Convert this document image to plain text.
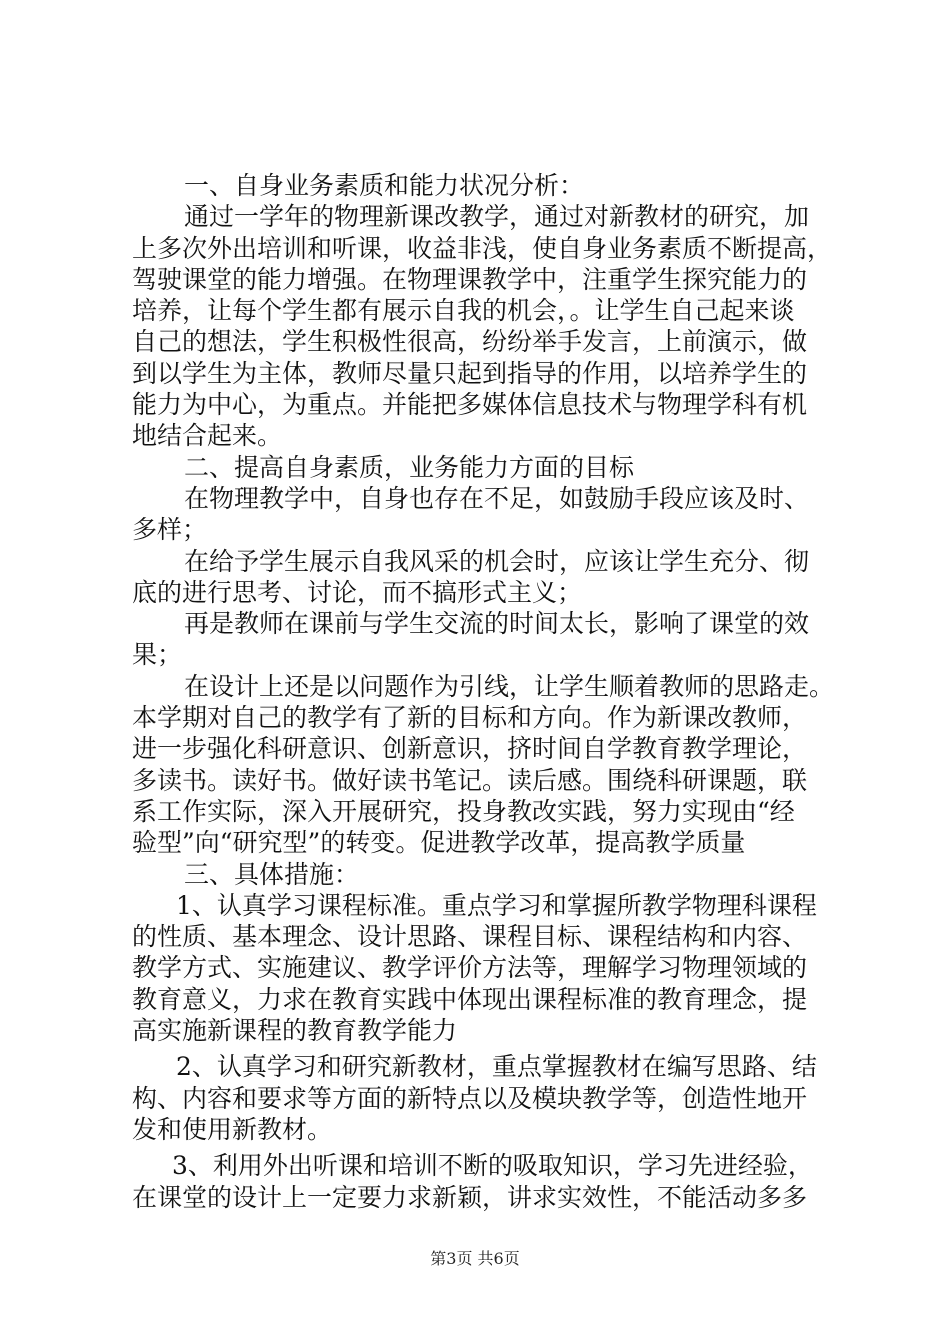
一、自身业务素质和能力状况分析：
通过一学年的物理新课改教学，通过对新教材的研究，加
上多次外出培训和听课，收益非浅，使自身业务素质不断提高，
驾驶课堂的能力增强。在物理课教学中，注重学生探究能力的
培养，让每个学生都有展示自我的机会，。让学生自己起来谈
自己的想法，学生积极性很高，纷纷举手发言，上前演示，做
到以学生为主体，教师尽量只起到指导的作用，以培养学生的
能力为中心，为重点。并能把多媒体信息技术与物理学科有机
地结合起来。
二、提高自身素质，业务能力方面的目标
在物理教学中，自身也存在不足，如鼓励手段应该及时、
多样；
在给予学生展示自我风采的机会时，应该让学生充分、彻
底的进行思考、讨论，而不搞形式主义；
再是教师在课前与学生交流的时间太长，影响了课堂的效
果；
在设计上还是以问题作为引线，让学生顺着教师的思路走。
本学期对自己的教学有了新的目标和方向。作为新课改教师，
进一步强化科研意识、创新意识，挤时间自学教育教学理论，
多读书。读好书。做好读书笔记。读后感。围绕科研课题，联
系工作实际，深入开展研究，投身教改实践，努力实现由“经
验型”向“研究型”的转变。促进教学改革，提高教学质量
三、具体措施：
1、认真学习课程标准。重点学习和掌握所教学物理科课程
的性质、基本理念、设计思路、课程目标、课程结构和内容、
教学方式、实施建议、教学评价方法等，理解学习物理领域的
教育意义，力求在教育实践中体现出课程标准的教育理念，提
高实施新课程的教育教学能力
2、认真学习和研究新教材，重点掌握教材在编写思路、结
构、内容和要求等方面的新特点以及模块教学等，创造性地开
发和使用新教材。
3、利用外出听课和培训不断的吸取知识，学习先进经验，
在课堂的设计上一定要力求新颖，讲求实效性，不能活动多多
第3页 共6页
